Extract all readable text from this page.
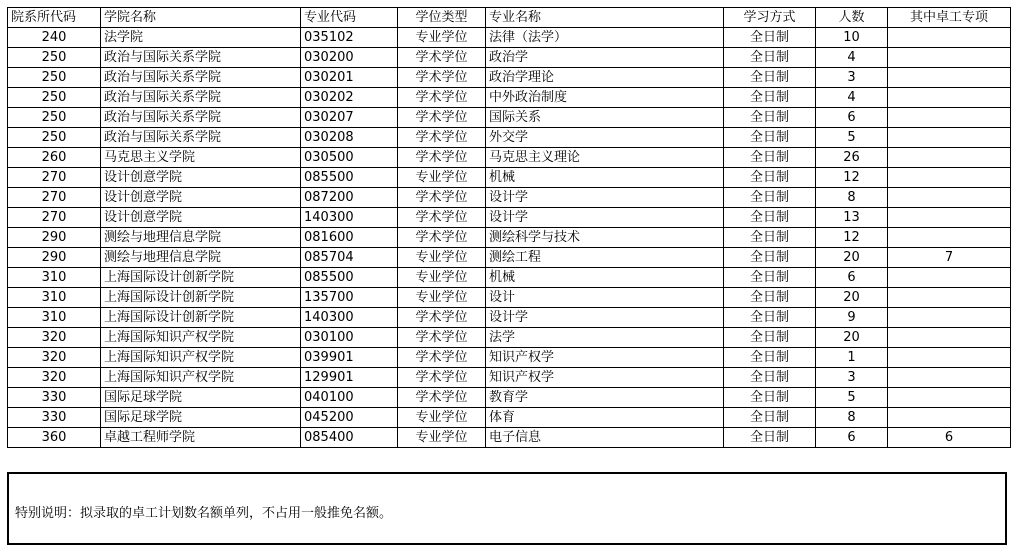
院系所代码	学院名称	专业代码	学位类型	专业名称	学习方式	人数	其中卓工专项
240	法学院	035102	专业学位	法律（法学）	全日制	10	
250	政治与国际关系学院	030200	学术学位	政治学	全日制	4	
250	政治与国际关系学院	030201	学术学位	政治学理论	全日制	3	
250	政治与国际关系学院	030202	学术学位	中外政治制度	全日制	4	
250	政治与国际关系学院	030207	学术学位	国际关系	全日制	6	
250	政治与国际关系学院	030208	学术学位	外交学	全日制	5	
260	马克思主义学院	030500	学术学位	马克思主义理论	全日制	26	
270	设计创意学院	085500	专业学位	机械	全日制	12	
270	设计创意学院	087200	学术学位	设计学	全日制	8	
270	设计创意学院	140300	学术学位	设计学	全日制	13	
290	测绘与地理信息学院	081600	学术学位	测绘科学与技术	全日制	12	
290	测绘与地理信息学院	085704	专业学位	测绘工程	全日制	20	7
310	上海国际设计创新学院	085500	专业学位	机械	全日制	6	
310	上海国际设计创新学院	135700	专业学位	设计	全日制	20	
310	上海国际设计创新学院	140300	学术学位	设计学	全日制	9	
320	上海国际知识产权学院	030100	学术学位	法学	全日制	20	
320	上海国际知识产权学院	039901	学术学位	知识产权学	全日制	1	
320	上海国际知识产权学院	129901	学术学位	知识产权学	全日制	3	
330	国际足球学院	040100	学术学位	教育学	全日制	5	
330	国际足球学院	045200	专业学位	体育	全日制	8	
360	卓越工程师学院	085400	专业学位	电子信息	全日制	6	6
特别说明：拟录取的卓工计划数名额单列，不占用一般推免名额。
